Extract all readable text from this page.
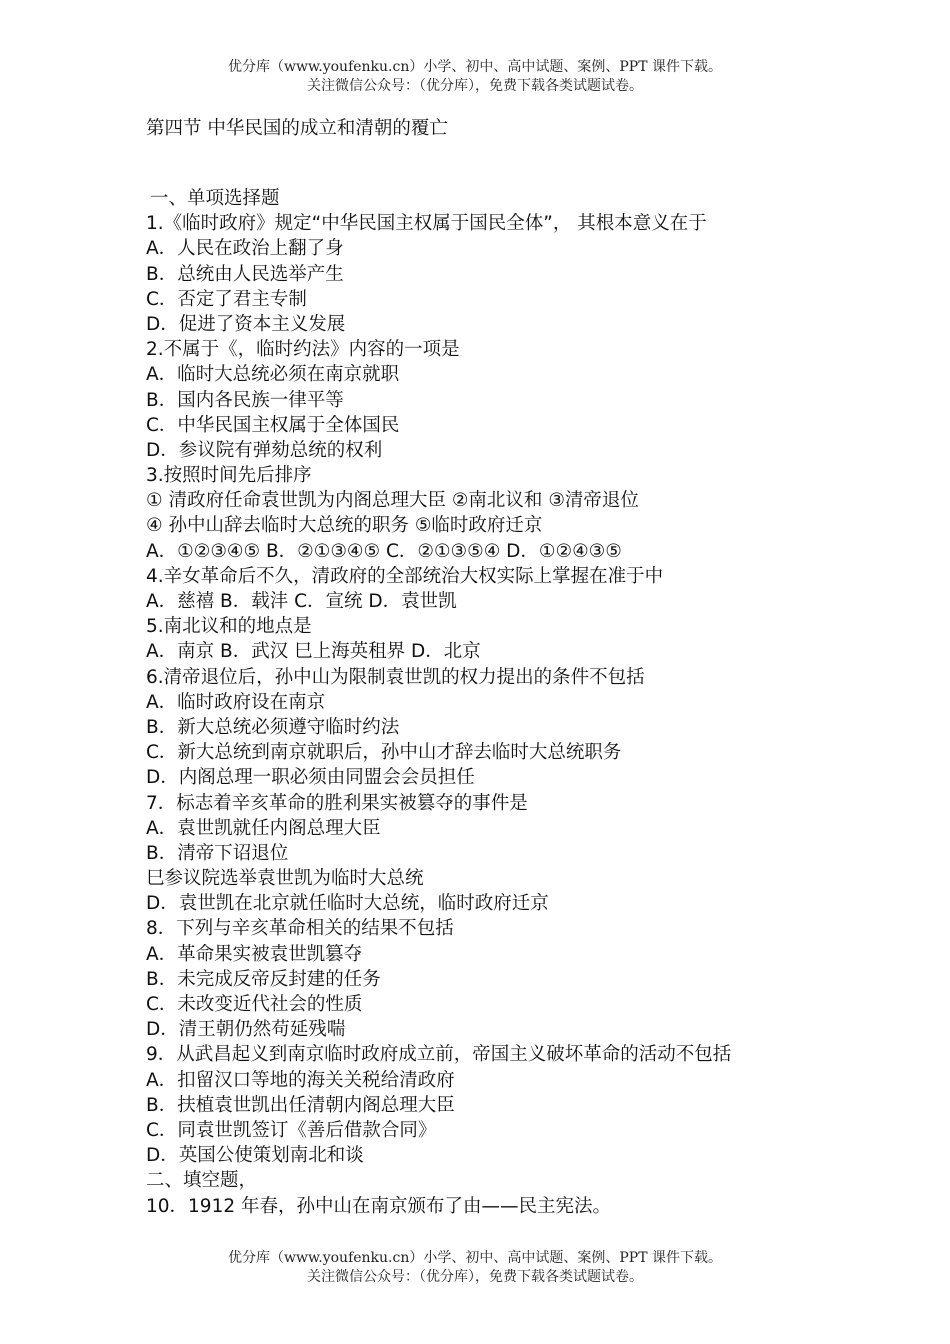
优分库（www.youfenku.cn）小学、初中、高中试题、案例、PPT 课件下载。
关注微信公众号：（优分库），免费下载各类试题试卷。
第四节 中华民国的成立和清朝的覆亡
一、单项选择题
1.《临时政府》规定“中华民国主权属于国民全体”， 其根本意义在于
A．人民在政治上翻了身
B．总统由人民选举产生
C．否定了君主专制
D．促进了资本主义发展
2.不属于《，临时约法》内容的一项是
A．临时大总统必须在南京就职
B．国内各民族一律平等
C．中华民国主权属于全体国民
D．参议院有弹劾总统的权利
3.按照时间先后排序
① 清政府任命袁世凯为内阁总理大臣 ②南北议和 ③清帝退位
④ 孙中山辞去临时大总统的职务 ⑤临时政府迁京
A．①②③④⑤ B．②①③④⑤ C．②①③⑤④ D．①②④③⑤
4.辛女革命后不久，清政府的全部统治大权实际上掌握在准于中
A．慈禧 B．载沣 C．宣统 D．袁世凯
5.南北议和的地点是
A．南京 B．武汉 巳上海英租界 D．北京
6.清帝退位后，孙中山为限制袁世凯的权力提出的条件不包括
A．临时政府设在南京
B．新大总统必须遵守临时约法
C．新大总统到南京就职后，孙中山才辞去临时大总统职务
D．内阁总理一职必须由同盟会会员担任
7．标志着辛亥革命的胜利果实被篡夺的事件是
A．袁世凯就任内阁总理大臣
B．清帝下诏退位
巳参议院选举袁世凯为临时大总统
D．袁世凯在北京就任临时大总统，临时政府迁京
8．下列与辛亥革命相关的结果不包括
A．革命果实被袁世凯篡夺
B．未完成反帝反封建的任务
C．未改变近代社会的性质
D．清王朝仍然苟延残喘
9．从武昌起义到南京临时政府成立前，帝国主义破坏革命的活动不包括
A．扣留汉口等地的海关关税给清政府
B．扶植袁世凯出任清朝内阁总理大臣
C．同袁世凯签订《善后借款合同》
D．英国公使策划南北和谈
二、填空题，
10．1912 年春，孙中山在南京颁布了由——民主宪法。
优分库（www.youfenku.cn）小学、初中、高中试题、案例、PPT 课件下载。
关注微信公众号：（优分库），免费下载各类试题试卷。
